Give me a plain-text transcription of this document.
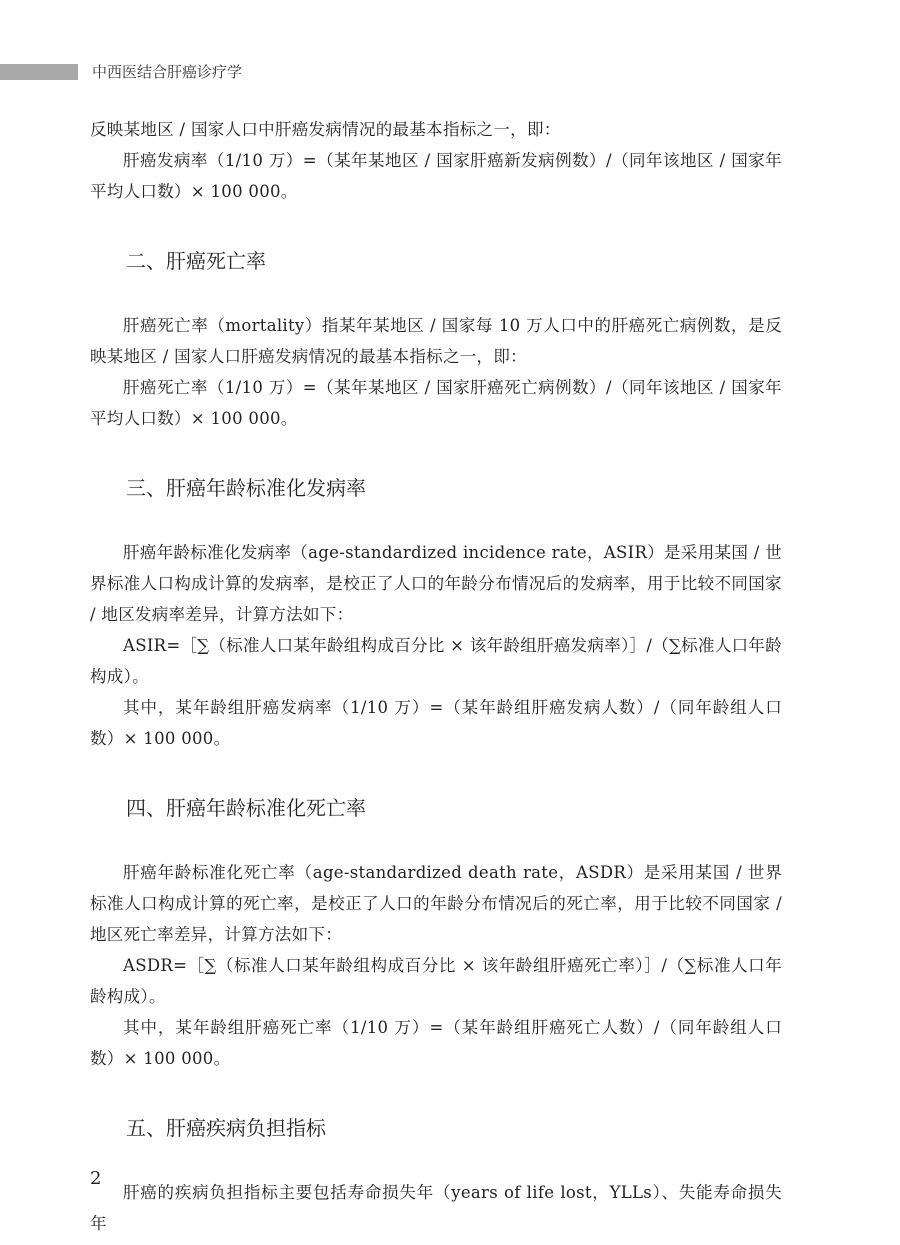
中西医结合肝癌诊疗学

反映某地区 / 国家人口中肝癌发病情况的最基本指标之一，即：

肝癌发病率（1/10 万）=（某年某地区 / 国家肝癌新发病例数）/（同年该地区 / 国家年平均人口数）× 100 000。

二、肝癌死亡率

肝癌死亡率（mortality）指某年某地区 / 国家每 10 万人口中的肝癌死亡病例数，是反映某地区 / 国家人口肝癌发病情况的最基本指标之一，即：

肝癌死亡率（1/10 万）=（某年某地区 / 国家肝癌死亡病例数）/（同年该地区 / 国家年平均人口数）× 100 000。

三、肝癌年龄标准化发病率

肝癌年龄标准化发病率（age-standardized incidence rate，ASIR）是采用某国 / 世界标准人口构成计算的发病率，是校正了人口的年龄分布情况后的发病率，用于比较不同国家 / 地区发病率差异，计算方法如下：

ASIR=［∑（标准人口某年龄组构成百分比 × 该年龄组肝癌发病率）］/（∑标准人口年龄构成）。

其中，某年龄组肝癌发病率（1/10 万）=（某年龄组肝癌发病人数）/（同年龄组人口数）× 100 000。

四、肝癌年龄标准化死亡率

肝癌年龄标准化死亡率（age-standardized death rate，ASDR）是采用某国 / 世界标准人口构成计算的死亡率，是校正了人口的年龄分布情况后的死亡率，用于比较不同国家 / 地区死亡率差异，计算方法如下：

ASDR=［∑（标准人口某年龄组构成百分比 × 该年龄组肝癌死亡率）］/（∑标准人口年龄构成）。

其中，某年龄组肝癌死亡率（1/10 万）=（某年龄组肝癌死亡人数）/（同年龄组人口数）× 100 000。

五、肝癌疾病负担指标

肝癌的疾病负担指标主要包括寿命损失年（years of life lost，YLLs）、失能寿命损失年

2
